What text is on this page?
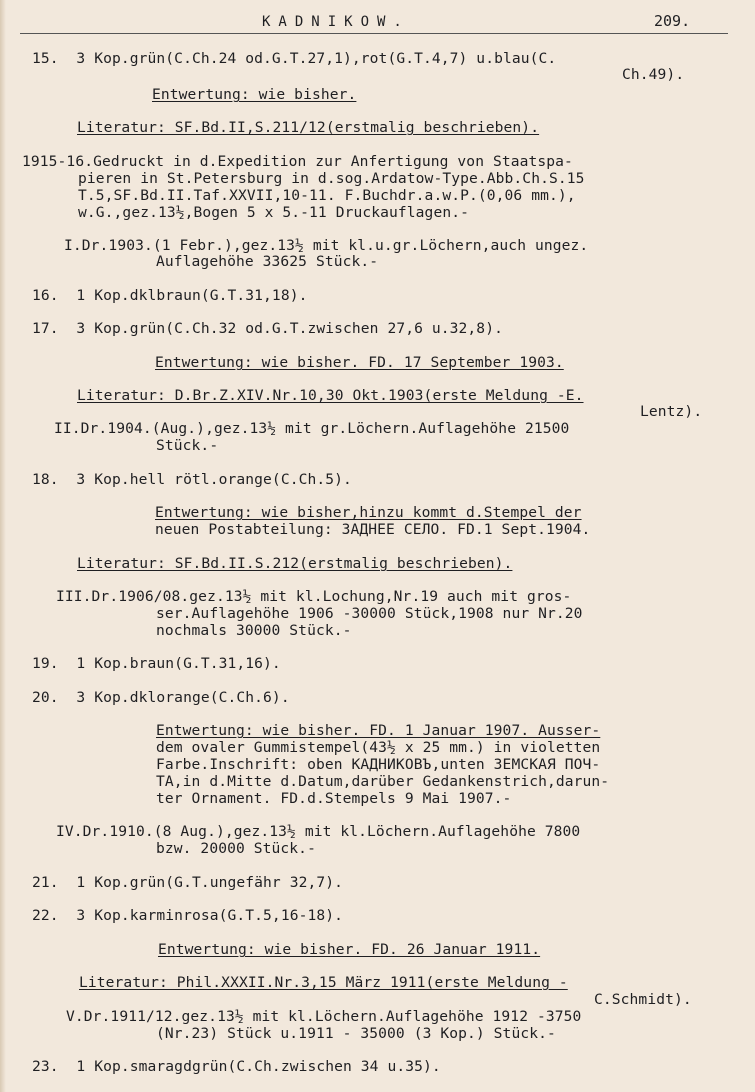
KADNIKOW.	209.
15.  3 Kop.grün(C.Ch.24 od.G.T.27,1),rot(G.T.4,7) u.blau(C.
Ch.49).
Entwertung: wie bisher.
Literatur: SF.Bd.II,S.211/12(erstmalig beschrieben).
1915-16.Gedruckt in d.Expedition zur Anfertigung von Staatspa-
pieren in St.Petersburg in d.sog.Ardatow-Type.Abb.Ch.S.15
T.5,SF.Bd.II.Taf.XXVII,10-11. F.Buchdr.a.w.P.(0,06 mm.),
w.G.,gez.13½,Bogen 5 x 5.-11 Druckauflagen.-
I.Dr.1903.(1 Febr.),gez.13½ mit kl.u.gr.Löchern,auch ungez.
Auflagehöhe 33625 Stück.-
16.  1 Kop.dklbraun(G.T.31,18).
17.  3 Kop.grün(C.Ch.32 od.G.T.zwischen 27,6 u.32,8).
Entwertung: wie bisher. FD. 17 September 1903.
Literatur: D.Br.Z.XIV.Nr.10,30 Okt.1903(erste Meldung -E.
Lentz).
II.Dr.1904.(Aug.),gez.13½ mit gr.Löchern.Auflagehöhe 21500
Stück.-
18.  3 Kop.hell rötl.orange(C.Ch.5).
Entwertung: wie bisher,hinzu kommt d.Stempel der
neuen Postabteilung: ЗАДНЕЕ СЕЛО. FD.1 Sept.1904.
Literatur: SF.Bd.II.S.212(erstmalig beschrieben).
III.Dr.1906/08.gez.13½ mit kl.Lochung,Nr.19 auch mit gros-
ser.Auflagehöhe 1906 -30000 Stück,1908 nur Nr.20
nochmals 30000 Stück.-
19.  1 Kop.braun(G.T.31,16).
20.  3 Kop.dklorange(C.Ch.6).
Entwertung: wie bisher. FD. 1 Januar 1907. Ausser-
dem ovaler Gummistempel(43½ x 25 mm.) in violetten
Farbe.Inschrift: oben КАДНИКОВЪ,unten ЗЕМСКАЯ ПОЧ-
ТА,in d.Mitte d.Datum,darüber Gedankenstrich,darun-
ter Ornament. FD.d.Stempels 9 Mai 1907.-
IV.Dr.1910.(8 Aug.),gez.13½ mit kl.Löchern.Auflagehöhe 7800
bzw. 20000 Stück.-
21.  1 Kop.grün(G.T.ungefähr 32,7).
22.  3 Kop.karminrosa(G.T.5,16-18).
Entwertung: wie bisher. FD. 26 Januar 1911.
Literatur: Phil.XXXII.Nr.3,15 März 1911(erste Meldung -
C.Schmidt).
V.Dr.1911/12.gez.13½ mit kl.Löchern.Auflagehöhe 1912 -3750
(Nr.23) Stück u.1911 - 35000 (3 Kop.) Stück.-
23.  1 Kop.smaragdgrün(C.Ch.zwischen 34 u.35).
